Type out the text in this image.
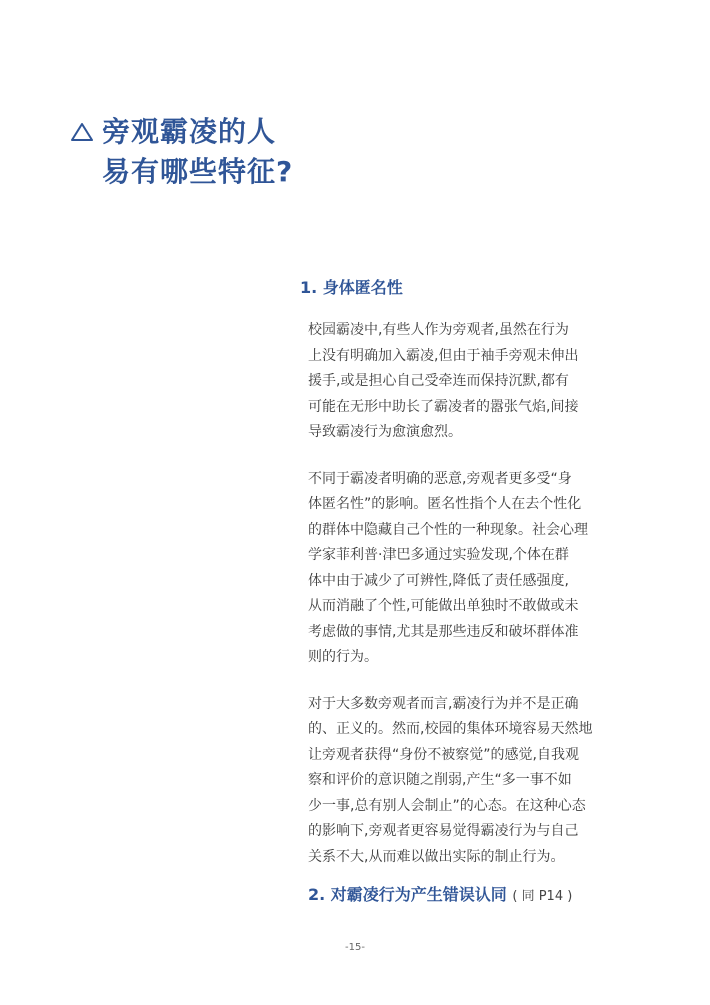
旁观霸凌的人
易有哪些特征?
1. 身体匿名性

校园霸凌中,有些人作为旁观者,虽然在行为
上没有明确加入霸凌,但由于袖手旁观未伸出
援手,或是担心自己受牵连而保持沉默,都有
可能在无形中助长了霸凌者的嚣张气焰,间接
导致霸凌行为愈演愈烈。

不同于霸凌者明确的恶意,旁观者更多受“身
体匿名性”的影响。匿名性指个人在去个性化
的群体中隐藏自己个性的一种现象。社会心理
学家菲利普·津巴多通过实验发现,个体在群
体中由于减少了可辨性,降低了责任感强度,
从而消融了个性,可能做出单独时不敢做或未
考虑做的事情,尤其是那些违反和破坏群体准
则的行为。

对于大多数旁观者而言,霸凌行为并不是正确
的、正义的。然而,校园的集体环境容易天然地
让旁观者获得“身份不被察觉”的感觉,自我观
察和评价的意识随之削弱,产生“多一事不如
少一事,总有别人会制止”的心态。在这种心态
的影响下,旁观者更容易觉得霸凌行为与自己
关系不大,从而难以做出实际的制止行为。

2. 对霸凌行为产生错误认同 ( 同 P14 )
-15-
